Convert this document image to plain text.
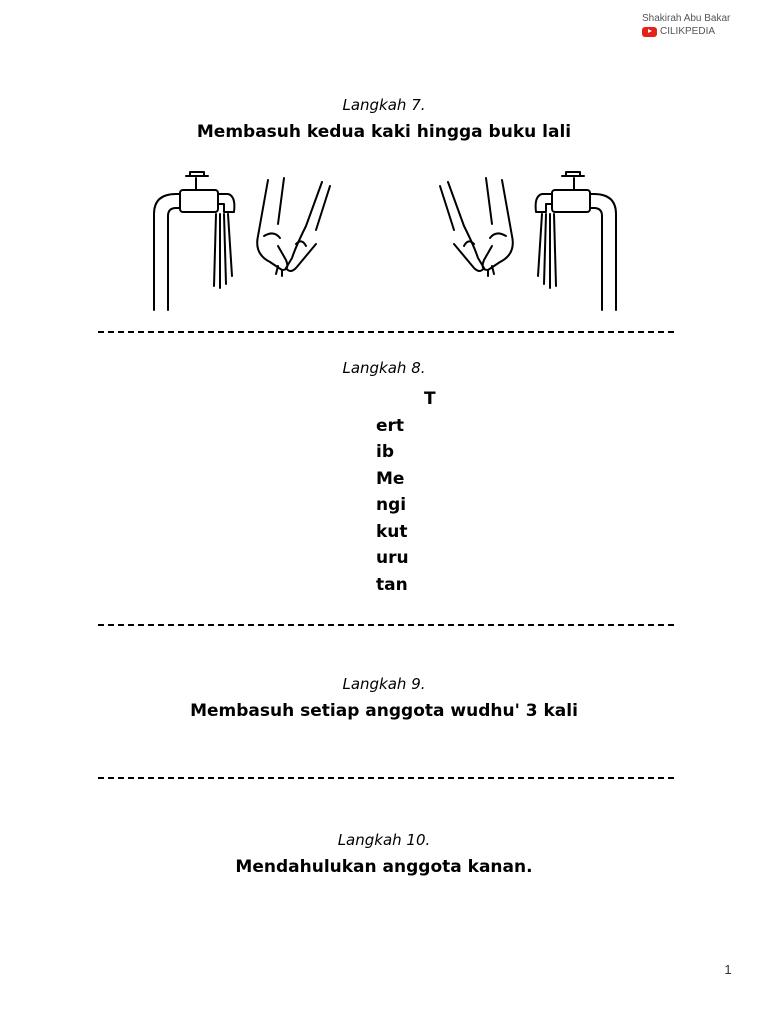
Shakirah Abu Bakar
CILIKPEDIA
Langkah 7.
Membasuh kedua kaki hingga buku lali
Langkah 8.
T
ert
ib
Me
ngi
kut
uru
tan
Langkah 9.
Membasuh setiap anggota wudhu' 3 kali
Langkah 10.
Mendahulukan anggota kanan.
1
